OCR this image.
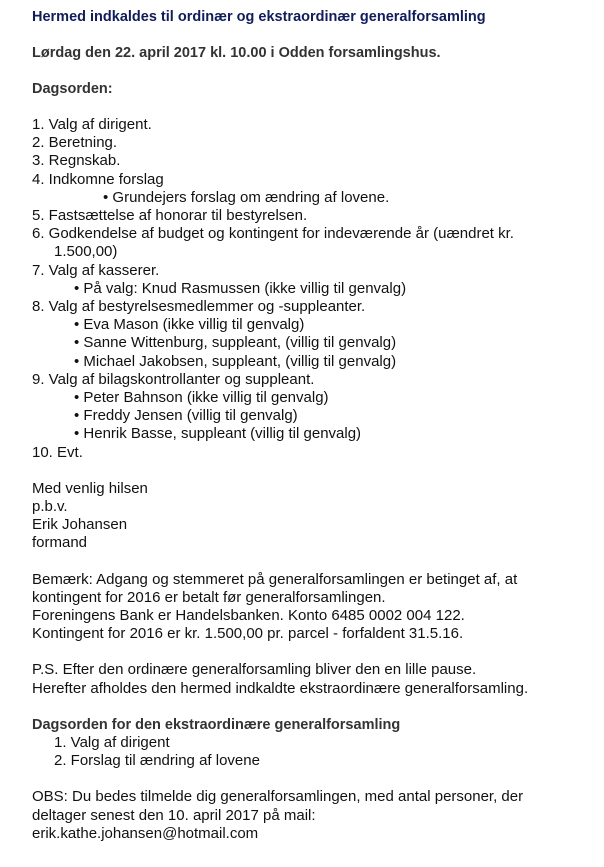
Hermed indkaldes til ordinær og ekstraordinær generalforsamling

Lørdag den 22. april 2017 kl. 10.00 i Odden forsamlingshus.

Dagsorden:

1. Valg af dirigent.
2. Beretning.
3. Regnskab.
4. Indkomne forslag
• Grundejers forslag om ændring af lovene.
5. Fastsættelse af honorar til bestyrelsen.
6. Godkendelse af budget og kontingent for indeværende år (uændret kr. 1.500,00)
7. Valg af kasserer.
• På valg: Knud Rasmussen (ikke villig til genvalg)
8. Valg af bestyrelsesmedlemmer og -suppleanter.
• Eva Mason (ikke villig til genvalg)
• Sanne Wittenburg, suppleant, (villig til genvalg)
• Michael Jakobsen, suppleant, (villig til genvalg)
9. Valg af bilagskontrollanter og suppleant.
• Peter Bahnson (ikke villig til genvalg)
• Freddy Jensen (villig til genvalg)
• Henrik Basse, suppleant (villig til genvalg)
10. Evt.
Med venlig hilsen
p.b.v.
Erik Johansen
formand
Bemærk: Adgang og stemmeret på generalforsamlingen er betinget af, at
kontingent for 2016 er betalt før generalforsamlingen.
Foreningens Bank er Handelsbanken. Konto 6485 0002 004 122.
Kontingent for 2016 er kr. 1.500,00 pr. parcel - forfaldent 31.5.16.
P.S. Efter den ordinære generalforsamling bliver den en lille pause.
Herefter afholdes den hermed indkaldte ekstraordinære generalforsamling.

Dagsorden for den ekstraordinære generalforsamling

1. Valg af dirigent
2. Forslag til ændring af lovene
OBS: Du bedes tilmelde dig generalforsamlingen, med antal personer, der
deltager senest den 10. april 2017 på mail:
erik.kathe.johansen@hotmail.com
